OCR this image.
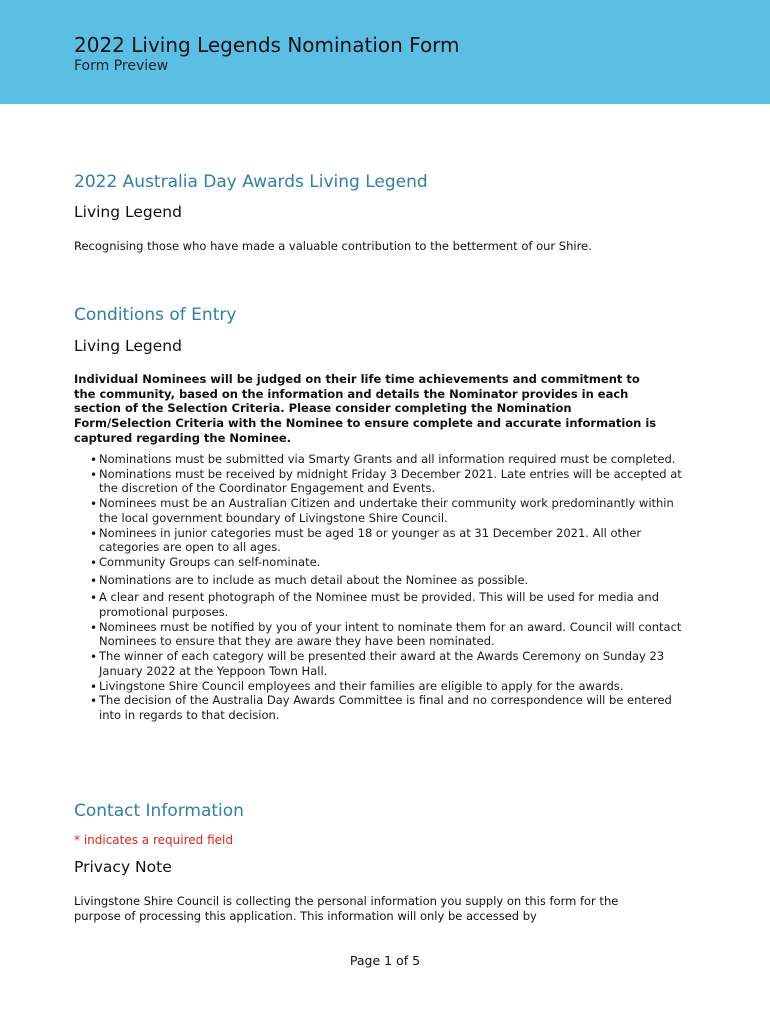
2022 Living Legends Nomination Form
Form Preview
2022 Australia Day Awards Living Legend
Living Legend
Recognising those who have made a valuable contribution to the betterment of our Shire.
Conditions of Entry
Living Legend
Individual Nominees will be judged on their life time achievements and commitment to the community, based on the information and details the Nominator provides in each section of the Selection Criteria. Please consider completing the Nomination Form/Selection Criteria with the Nominee to ensure complete and accurate information is captured regarding the Nominee.
• Nominations must be submitted via Smarty Grants and all information required must be completed.
• Nominations must be received by midnight Friday 3 December 2021. Late entries will be accepted at the discretion of the Coordinator Engagement and Events.
• Nominees must be an Australian Citizen and undertake their community work predominantly within the local government boundary of Livingstone Shire Council.
• Nominees in junior categories must be aged 18 or younger as at 31 December 2021. All other categories are open to all ages.
• Community Groups can self-nominate.
• Nominations are to include as much detail about the Nominee as possible.
• A clear and resent photograph of the Nominee must be provided. This will be used for media and promotional purposes.
• Nominees must be notified by you of your intent to nominate them for an award. Council will contact Nominees to ensure that they are aware they have been nominated.
• The winner of each category will be presented their award at the Awards Ceremony on Sunday 23 January 2022 at the Yeppoon Town Hall.
• Livingstone Shire Council employees and their families are eligible to apply for the awards.
• The decision of the Australia Day Awards Committee is final and no correspondence will be entered into in regards to that decision.
Contact Information
* indicates a required field
Privacy Note
Livingstone Shire Council is collecting the personal information you supply on this form for the purpose of processing this application. This information will only be accessed by
Page 1 of 5
